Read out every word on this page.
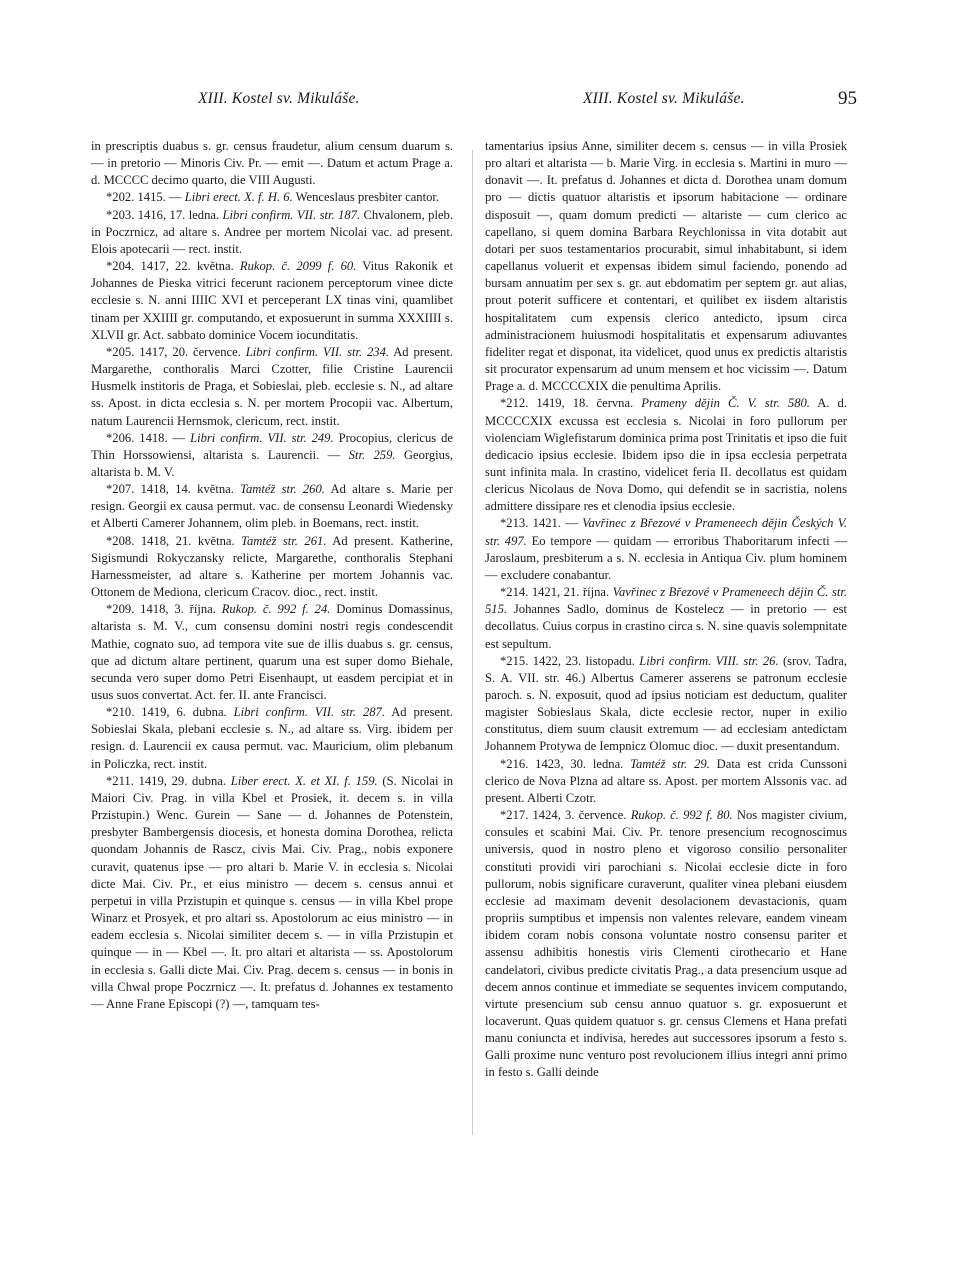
XIII. Kostel sv. Mikuláše.	XIII. Kostel sv. Mikuláše.	95

in prescriptis duabus s. gr. census fraudetur, alium censum duarum s. — in pretorio — Minoris Civ. Pr. — emit —. Datum et actum Prage a. d. MCCCC decimo quarto, die VIII Augusti.

*202. 1415. — Libri erect. X. f. H. 6. Wenceslaus presbiter cantor.

*203. 1416, 17. ledna. Libri confirm. VII. str. 187. Chvalonem, pleb. in Poczrnicz, ad altare s. Andree per mortem Nicolai vac. ad present. Elois apotecarii — rect. instit.

*204. 1417, 22. května. Rukop. č. 2099 f. 60. Vitus Rakonik et Johannes de Pieska vitrici fecerunt racionem perceptorum vinee dicte ecclesie s. N. anni IIIIC XVI et perceperant LX tinas vini, quamlibet tinam per XXIIII gr. computando, et exposuerunt in summa XXXIIII s. XLVII gr. Act. sabbato dominice Vocem iocunditatis.

*205. 1417, 20. července. Libri confirm. VII. str. 234. Ad present. Margarethe, conthoralis Marci Czotter, filie Cristine Laurencii Husmelk institoris de Praga, et Sobieslai, pleb. ecclesie s. N., ad altare ss. Apost. in dicta ecclesia s. N. per mortem Procopii vac. Albertum, natum Laurencii Hernsmok, clericum, rect. instit.

*206. 1418. — Libri confirm. VII. str. 249. Procopius, clericus de Thin Horssowiensi, altarista s. Laurencii. — Str. 259. Georgius, altarista b. M. V.

*207. 1418, 14. května. Tamtéž str. 260. Ad altare s. Marie per resign. Georgii ex causa permut. vac. de consensu Leonardi Wiedensky et Alberti Camerer Johannem, olim pleb. in Boemans, rect. instit.

*208. 1418, 21. května. Tamtéž str. 261. Ad present. Katherine, Sigismundi Rokyczansky relicte, Margarethe, conthoralis Stephani Harnessmeister, ad altare s. Katherine per mortem Johannis vac. Ottonem de Mediona, clericum Cracov. dioc., rect. instit.

*209. 1418, 3. října. Rukop. č. 992 f. 24. Dominus Domassinus, altarista s. M. V., cum consensu domini nostri regis condescendit Mathie, cognato suo, ad tempora vite sue de illis duabus s. gr. census, que ad dictum altare pertinent, quarum una est super domo Biehale, secunda vero super domo Petri Eisenhaupt, ut easdem percipiat et in usus suos convertat. Act. fer. II. ante Francisci.

*210. 1419, 6. dubna. Libri confirm. VII. str. 287. Ad present. Sobieslai Skala, plebani ecclesie s. N., ad altare ss. Virg. ibidem per resign. d. Laurencii ex causa permut. vac. Mauricium, olim plebanum in Policzka, rect. instit.

*211. 1419, 29. dubna. Liber erect. X. et XI. f. 159. (S. Nicolai in Maiori Civ. Prag. in villa Kbel et Prosiek, it. decem s. in villa Przistupin.) Wenc. Gurein — Sane — d. Johannes de Potenstein, presbyter Bambergensis diocesis, et honesta domina Dorothea, relicta quondam Johannis de Rascz, civis Mai. Civ. Prag., nobis exponere curavit, quatenus ipse — pro altari b. Marie V. in ecclesia s. Nicolai dicte Mai. Civ. Pr., et eius ministro — decem s. census annui et perpetui in villa Przistupin et quinque s. census — in villa Kbel prope Winarz et Prosyek, et pro altari ss. Apostolorum ac eius ministro — in eadem ecclesia s. Nicolai similiter decem s. — in villa Przistupin et quinque — in — Kbel —. It. pro altari et altarista — ss. Apostolorum in ecclesia s. Galli dicte Mai. Civ. Prag. decem s. census — in bonis in villa Chwal prope Poczrnicz —. It. prefatus d. Johannes ex testamento — Anne Frane Episcopi (?) —, tamquam tes-

tamentarius ipsius Anne, similiter decem s. census — in villa Prosiek pro altari et altarista — b. Marie Virg. in ecclesia s. Martini in muro — donavit —. It. prefatus d. Johannes et dicta d. Dorothea unam domum pro — dictis quatuor altaristis et ipsorum habitacione — ordinare disposuit —, quam domum predicti — altariste — cum clerico ac capellano, si quem domina Barbara Reychlonissa in vita dotabit aut dotari per suos testamentarios procurabit, simul inhabitabunt, si idem capellanus voluerit et expensas ibidem simul faciendo, ponendo ad bursam annuatim per sex s. gr. aut ebdomatim per septem gr. aut alias, prout poterit sufficere et contentari, et quilibet ex iisdem altaristis hospitalitatem cum expensis clerico antedicto, ipsum circa administracionem huiusmodi hospitalitatis et expensarum adiuvantes fideliter regat et disponat, ita videlicet, quod unus ex predictis altaristis sit procurator expensarum ad unum mensem et hoc vicissim —. Datum Prage a. d. MCCCCXIX die penultima Aprilis.

*212. 1419, 18. června. Prameny dějin Č. V. str. 580. A. d. MCCCCXIX excussa est ecclesia s. Nicolai in foro pullorum per violenciam Wiglefistarum dominica prima post Trinitatis et ipso die fuit dedicacio ipsius ecclesie. Ibidem ipso die in ipsa ecclesia perpetrata sunt infinita mala. In crastino, videlicet feria II. decollatus est quidam clericus Nicolaus de Nova Domo, qui defendit se in sacristia, nolens admittere dissipare res et clenodia ipsius ecclesie.

*213. 1421. — Vavřinec z Březové v Prameneech dějin Českých V. str. 497. Eo tempore — quidam — erroribus Thaboritarum infecti — Jaroslaum, presbiterum a s. N. ecclesia in Antiqua Civ. plum hominem — excludere conabantur.

*214. 1421, 21. října. Vavřinec z Březové v Prameneech dějin Č. str. 515. Johannes Sadlo, dominus de Kostelecz — in pretorio — est decollatus. Cuius corpus in crastino circa s. N. sine quavis solempnitate est sepultum.

*215. 1422, 23. listopadu. Libri confirm. VIII. str. 26. (srov. Tadra, S. A. VII. str. 46.) Albertus Camerer asserens se patronum ecclesie paroch. s. N. exposuit, quod ad ipsius noticiam est deductum, qualiter magister Sobieslaus Skala, dicte ecclesie rector, nuper in exilio constitutus, diem suum clausit extremum — ad ecclesiam antedictam Johannem Protywa de Iempnicz Olomuc dioc. — duxit presentandum.

*216. 1423, 30. ledna. Tamtéž str. 29. Data est crida Cunssoni clerico de Nova Plzna ad altare ss. Apost. per mortem Alssonis vac. ad present. Alberti Czotr.

*217. 1424, 3. července. Rukop. č. 992 f. 80. Nos magister civium, consules et scabini Mai. Civ. Pr. tenore presencium recognoscimus universis, quod in nostro pleno et vigoroso consilio personaliter constituti providi viri parochiani s. Nicolai ecclesie dicte in foro pullorum, nobis significare curaverunt, qualiter vinea plebani eiusdem ecclesie ad maximam devenit desolacionem devastacionis, quam propriis sumptibus et impensis non valentes relevare, eandem vineam ibidem coram nobis consona voluntate nostro consensu pariter et assensu adhibitis honestis viris Clementi cirothecario et Hane candelatori, civibus predicte civitatis Prag., a data presencium usque ad decem annos continue et immediate se sequentes invicem computando, virtute presencium sub censu annuo quatuor s. gr. exposuerunt et locaverunt. Quas quidem quatuor s. gr. census Clemens et Hana prefati manu coniuncta et indivisa, heredes aut successores ipsorum a festo s. Galli proxime nunc venturo post revolucionem illius integri anni primo in festo s. Galli deinde
